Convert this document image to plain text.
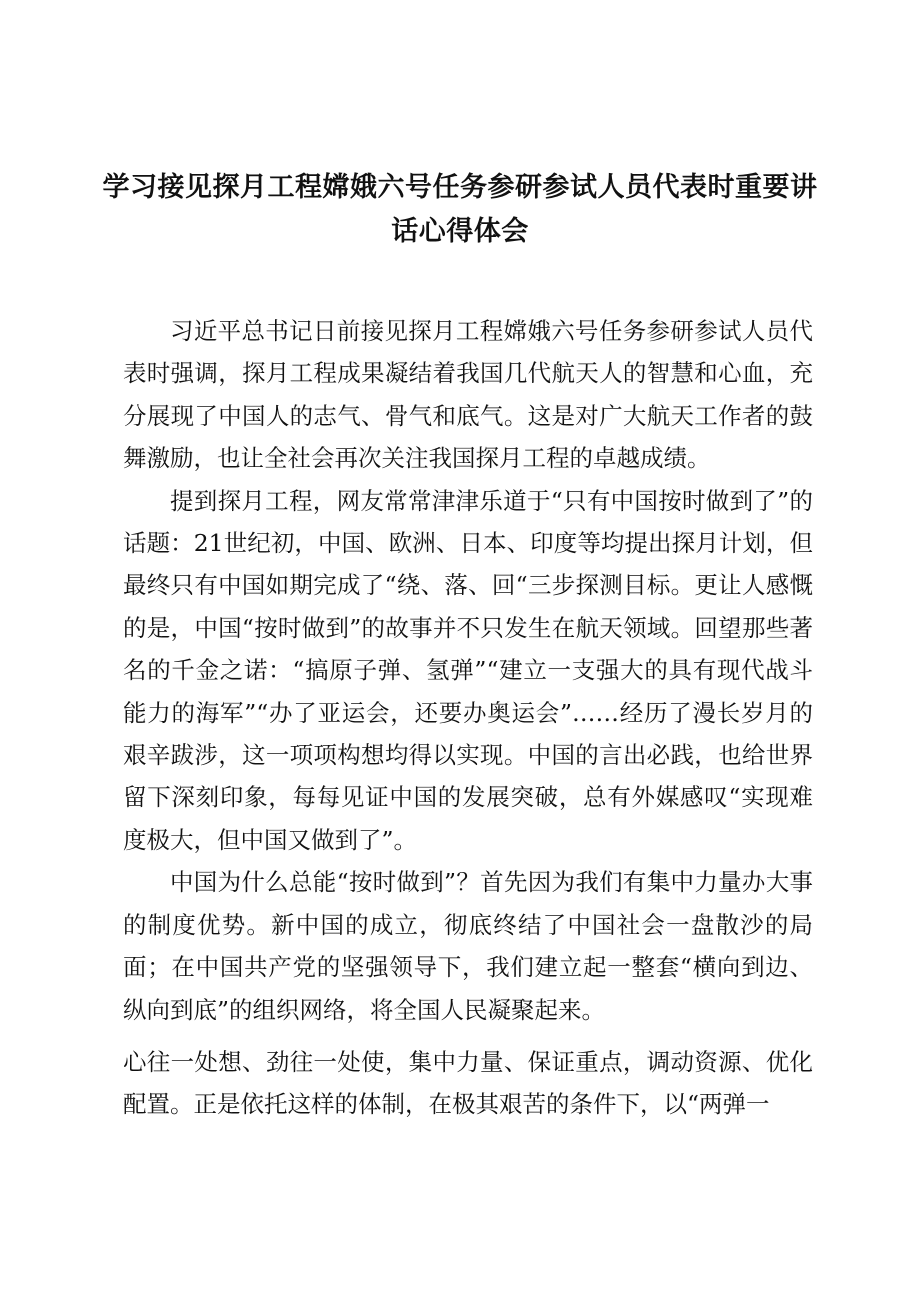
学习接见探月工程嫦娥六号任务参研参试人员代表时重要讲话心得体会

习近平总书记日前接见探月工程嫦娥六号任务参研参试人员代表时强调，探月工程成果凝结着我国几代航天人的智慧和心血，充分展现了中国人的志气、骨气和底气。这是对广大航天工作者的鼓舞激励，也让全社会再次关注我国探月工程的卓越成绩。

提到探月工程，网友常常津津乐道于“只有中国按时做到了”的话题：21世纪初，中国、欧洲、日本、印度等均提出探月计划，但最终只有中国如期完成了“绕、落、回“三步探测目标。更让人感慨的是，中国“按时做到”的故事并不只发生在航天领域。回望那些著名的千金之诺：“搞原子弹、氢弹”“建立一支强大的具有现代战斗能力的海军”“办了亚运会，还要办奥运会”……经历了漫长岁月的艰辛跋涉，这一项项构想均得以实现。中国的言出必践，也给世界留下深刻印象，每每见证中国的发展突破，总有外媒感叹“实现难度极大，但中国又做到了”。

中国为什么总能“按时做到”？首先因为我们有集中力量办大事的制度优势。新中国的成立，彻底终结了中国社会一盘散沙的局面；在中国共产党的坚强领导下，我们建立起一整套“横向到边、纵向到底”的组织网络，将全国人民凝聚起来。

心往一处想、劲往一处使，集中力量、保证重点，调动资源、优化配置。正是依托这样的体制，在极其艰苦的条件下，以“两弹一
